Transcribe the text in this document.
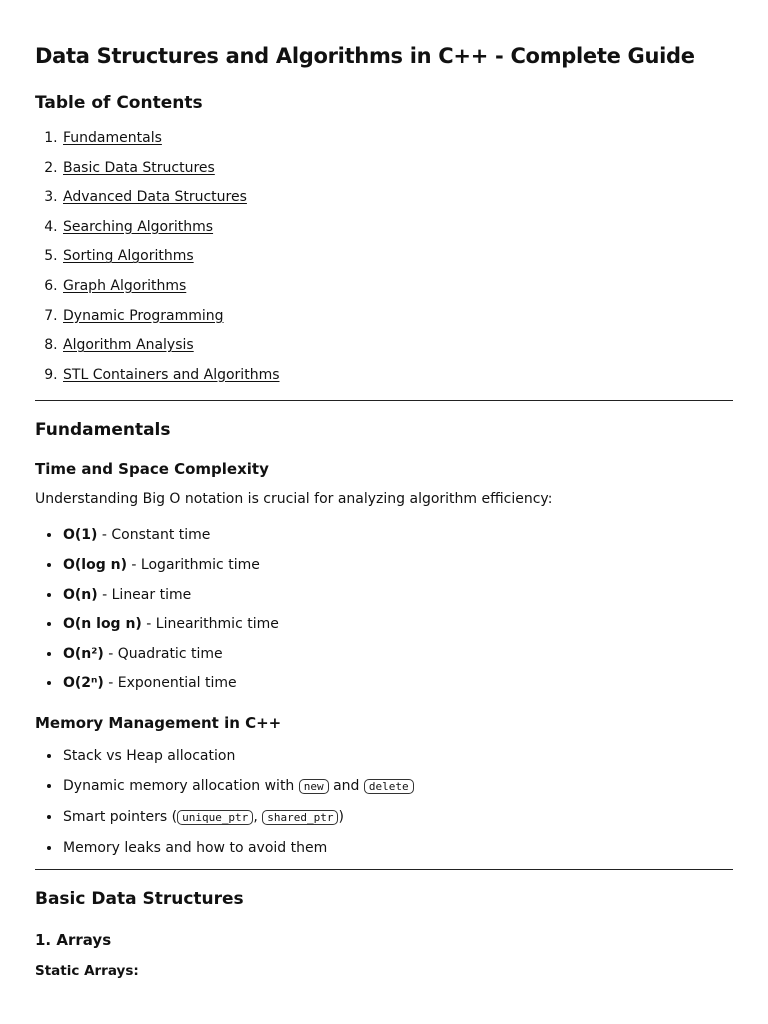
Data Structures and Algorithms in C++ - Complete Guide
Table of Contents
1. Fundamentals
2. Basic Data Structures
3. Advanced Data Structures
4. Searching Algorithms
5. Sorting Algorithms
6. Graph Algorithms
7. Dynamic Programming
8. Algorithm Analysis
9. STL Containers and Algorithms
Fundamentals
Time and Space Complexity

Understanding Big O notation is crucial for analyzing algorithm efficiency:

• O(1) - Constant time
• O(log n) - Logarithmic time
• O(n) - Linear time
• O(n log n) - Linearithmic time
• O(n²) - Quadratic time
• O(2ⁿ) - Exponential time
Memory Management in C++
• Stack vs Heap allocation
• Dynamic memory allocation with new and delete
• Smart pointers ( unique_ptr , shared_ptr )
• Memory leaks and how to avoid them
Basic Data Structures
1. Arrays
Static Arrays:
